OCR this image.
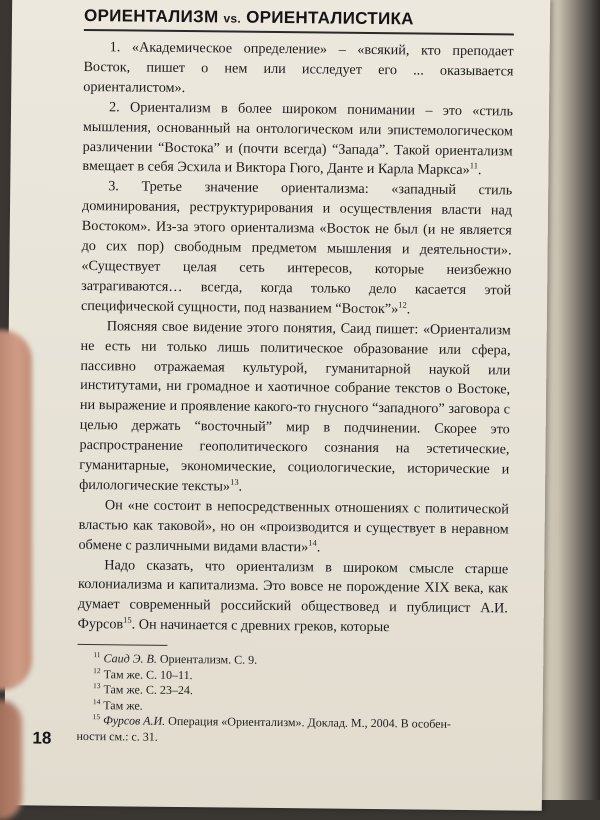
ОРИЕНТАЛИЗМ vs. ОРИЕНТАЛИСТИКА

1. «Академическое определение» – «всякий, кто преподает Восток, пишет о нем или исследует его ... оказывается ориенталистом».

2. Ориентализм в более широком понимании – это «стиль мышления, основанный на онтологическом или эпистемологическом различении “Востока” и (почти всегда) “Запада”. Такой ориентализм вмещает в себя Эсхила и Виктора Гюго, Данте и Карла Маркса»$^{11}$.

3. Третье значение ориентализма: «западный стиль доминирования, реструктурирования и осуществления власти над Востоком». Из-за этого ориентализма «Восток не был (и не является до сих пор) свободным предметом мышления и деятельности». «Существует целая сеть интересов, которые неизбежно затрагиваются… всегда, когда только дело касается этой специфической сущности, под названием “Восток”»$^{12}$.

Поясняя свое видение этого понятия, Саид пишет: «Ориентализм не есть ни только лишь политическое образование или сфера, пассивно отражаемая культурой, гуманитарной наукой или институтами, ни громадное и хаотичное собрание текстов о Востоке, ни выражение и проявление какого-то гнусного “западного” заговора с целью держать “восточный” мир в подчинении. Скорее это распространение геополитического сознания на эстетические, гуманитарные, экономические, социологические, исторические и филологические тексты»$^{13}$.

Он «не состоит в непосредственных отношениях с политической властью как таковой», но он «производится и существует в неравном обмене с различными видами власти»$^{14}$.

Надо сказать, что ориентализм в широком смысле старше колониализма и капитализма. Это вовсе не порождение XIX века, как думает современный российский обществовед и публицист А.И. Фурсов$^{15}$. Он начинается с древних греков, которые

$^{11}$ Саид Э. В. Ориентализм. С. 9.

$^{12}$ Там же. С. 10–11.

$^{13}$ Там же. С. 23–24.

$^{14}$ Там же.

$^{15}$ Фурсов А.И. Операция «Ориентализм». Доклад. М., 2004. В особен-

ности см.: с. 31.

18
